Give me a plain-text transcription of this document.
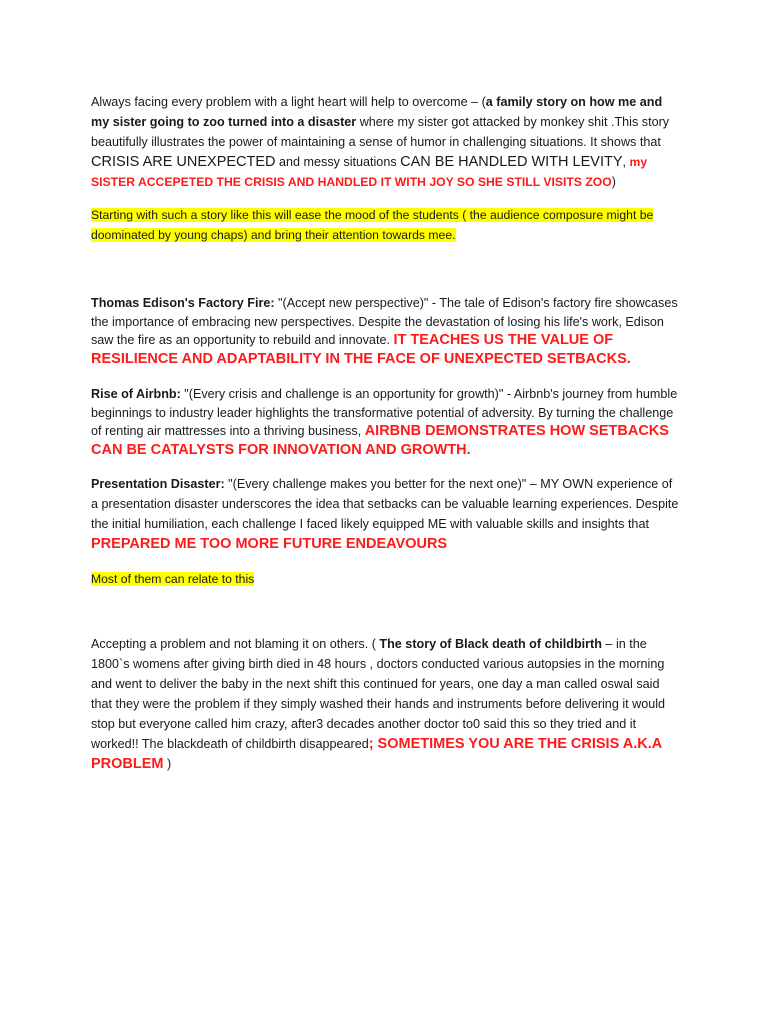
Always facing every problem with a light heart will help to overcome – (a family story on how me and my sister going to zoo turned into a disaster where my sister got attacked by monkey shit .This story beautifully illustrates the power of maintaining a sense of humor in challenging situations. It shows that CRISIS ARE UNEXPECTED and messy situations CAN BE HANDLED WITH LEVITY, my SISTER ACCEPETED THE CRISIS AND HANDLED IT WITH JOY SO SHE STILL VISITS ZOO)

Starting with such a story like this will ease the mood of the students ( the audience composure might be doominated by young chaps) and bring their attention towards mee.

Thomas Edison's Factory Fire: "(Accept new perspective)" - The tale of Edison's factory fire showcases the importance of embracing new perspectives. Despite the devastation of losing his life's work, Edison saw the fire as an opportunity to rebuild and innovate. IT TEACHES US THE VALUE OF RESILIENCE AND ADAPTABILITY IN THE FACE OF UNEXPECTED SETBACKS.

Rise of Airbnb: "(Every crisis and challenge is an opportunity for growth)" - Airbnb's journey from humble beginnings to industry leader highlights the transformative potential of adversity. By turning the challenge of renting air mattresses into a thriving business, AIRBNB DEMONSTRATES HOW SETBACKS CAN BE CATALYSTS FOR INNOVATION AND GROWTH.

Presentation Disaster: "(Every challenge makes you better for the next one)" – MY OWN experience of a presentation disaster underscores the idea that setbacks can be valuable learning experiences. Despite the initial humiliation, each challenge I faced likely equipped ME with valuable skills and insights that PREPARED ME TOO MORE FUTURE ENDEAVOURS

Most of them can relate to this

Accepting a problem and not blaming it on others. ( The story of Black death of childbirth – in the 1800`s womens after giving birth died in 48 hours , doctors conducted various autopsies in the morning and went to deliver the baby in the next shift this continued for years, one day a man called oswal said that they were the problem if they simply washed their hands and instruments before delivering it would stop but everyone called him crazy, after3 decades another doctor to0 said this so they tried and it worked!! The blackdeath of childbirth disappeared; SOMETIMES YOU ARE THE CRISIS A.K.A PROBLEM )
